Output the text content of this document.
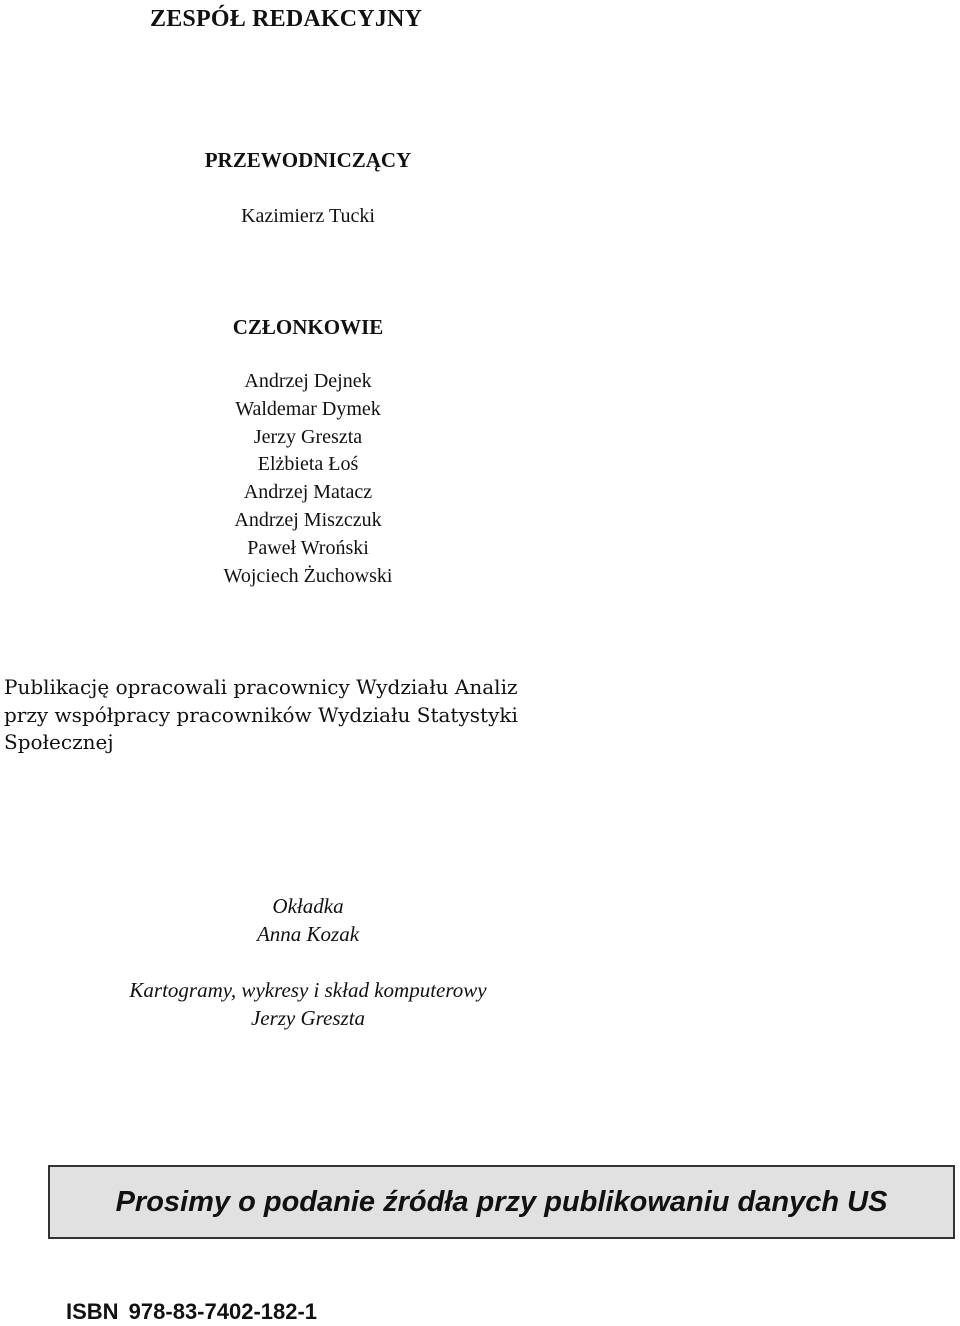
ZESPÓŁ REDAKCYJNY
PRZEWODNICZĄCY
Kazimierz Tucki
CZŁONKOWIE
Andrzej Dejnek
Waldemar Dymek
Jerzy Greszta
Elżbieta Łoś
Andrzej Matacz
Andrzej Miszczuk
Paweł Wroński
Wojciech Żuchowski
Publikację opracowali pracownicy Wydziału Analiz
przy współpracy pracowników Wydziału Statystyki
Społecznej
Okładka
Anna Kozak
Kartogramy, wykresy i skład komputerowy
Jerzy Greszta
Prosimy o podanie źródła przy publikowaniu danych US
ISBN 978-83-7402-182-1
